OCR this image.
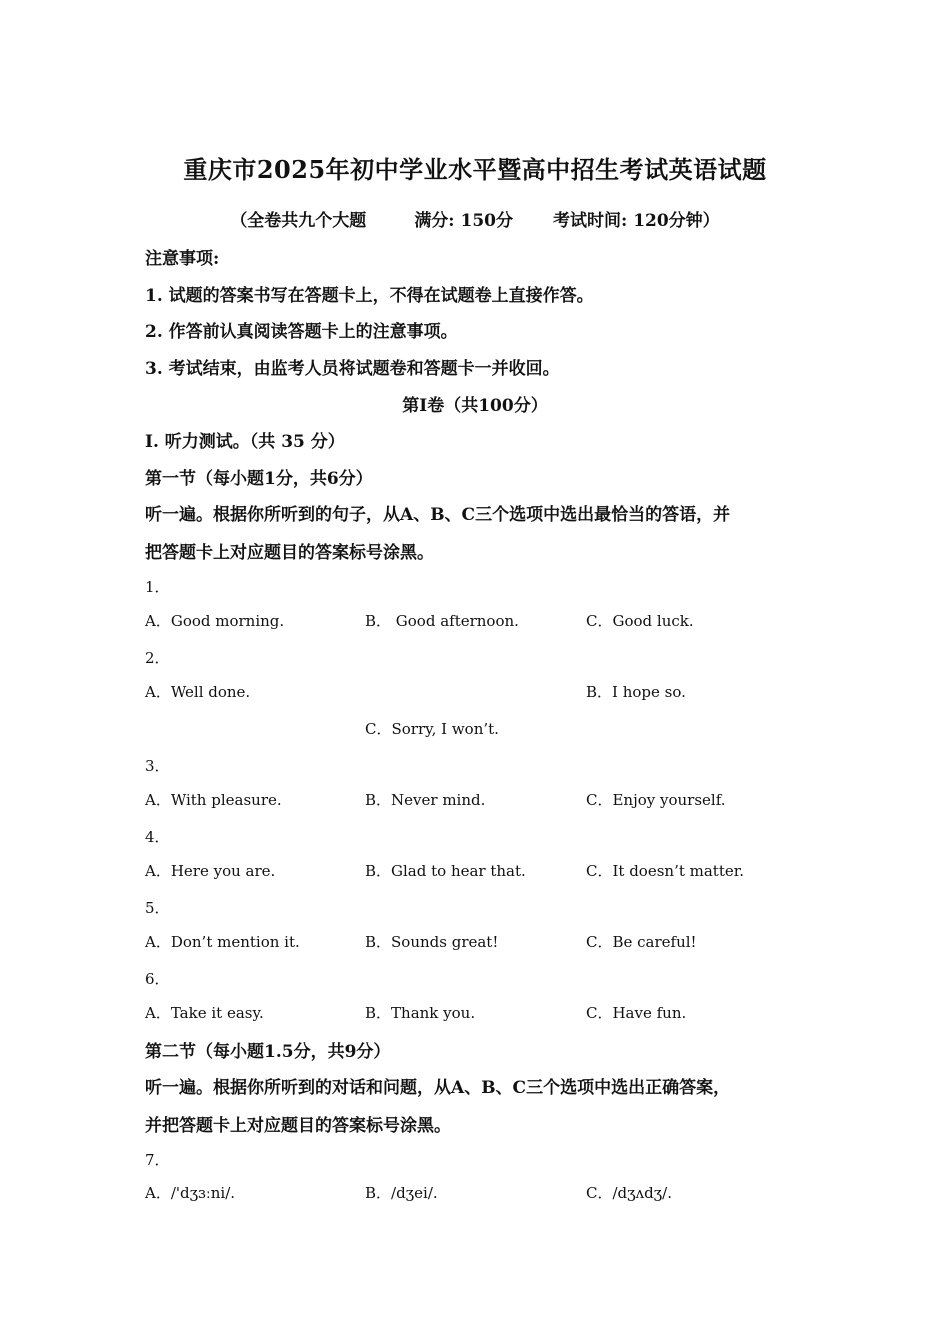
重庆市2025年初中学业水平暨高中招生考试英语试题
（全卷共九个大题	满分: 150分 考试时间: 120分钟）
注意事项:
1. 试题的答案书写在答题卡上，不得在试题卷上直接作答。
2. 作答前认真阅读答题卡上的注意事项。
3. 考试结束，由监考人员将试题卷和答题卡一并收回。
第Ⅰ卷（共100分）
I. 听力测试。（共 35 分）
第一节（每小题1分，共6分）
听一遍。根据你所听到的句子，从A、B、C三个选项中选出最恰当的答语，并
把答题卡上对应题目的答案标号涂黑。
1．
A．Good morning.	B． Good afternoon.	C．Good luck.
2．
A．Well done.	B．I hope so.
C．Sorry, I won’t.
3．
A．With pleasure.	B．Never mind.	C．Enjoy yourself.
4．
A．Here you are.	B．Glad to hear that.	C．It doesn’t matter.
5．
A．Don’t mention it.	B．Sounds great!	C．Be careful!
6．
A．Take it easy.	B．Thank you.	C．Have fun.
第二节（每小题1.5分，共9分）
听一遍。根据你所听到的对话和问题，从A、B、C三个选项中选出正确答案，
并把答题卡上对应题目的答案标号涂黑。
7．
A．/'dʒɜːni/.	B．/dʒei/.	C．/dʒʌdʒ/.
